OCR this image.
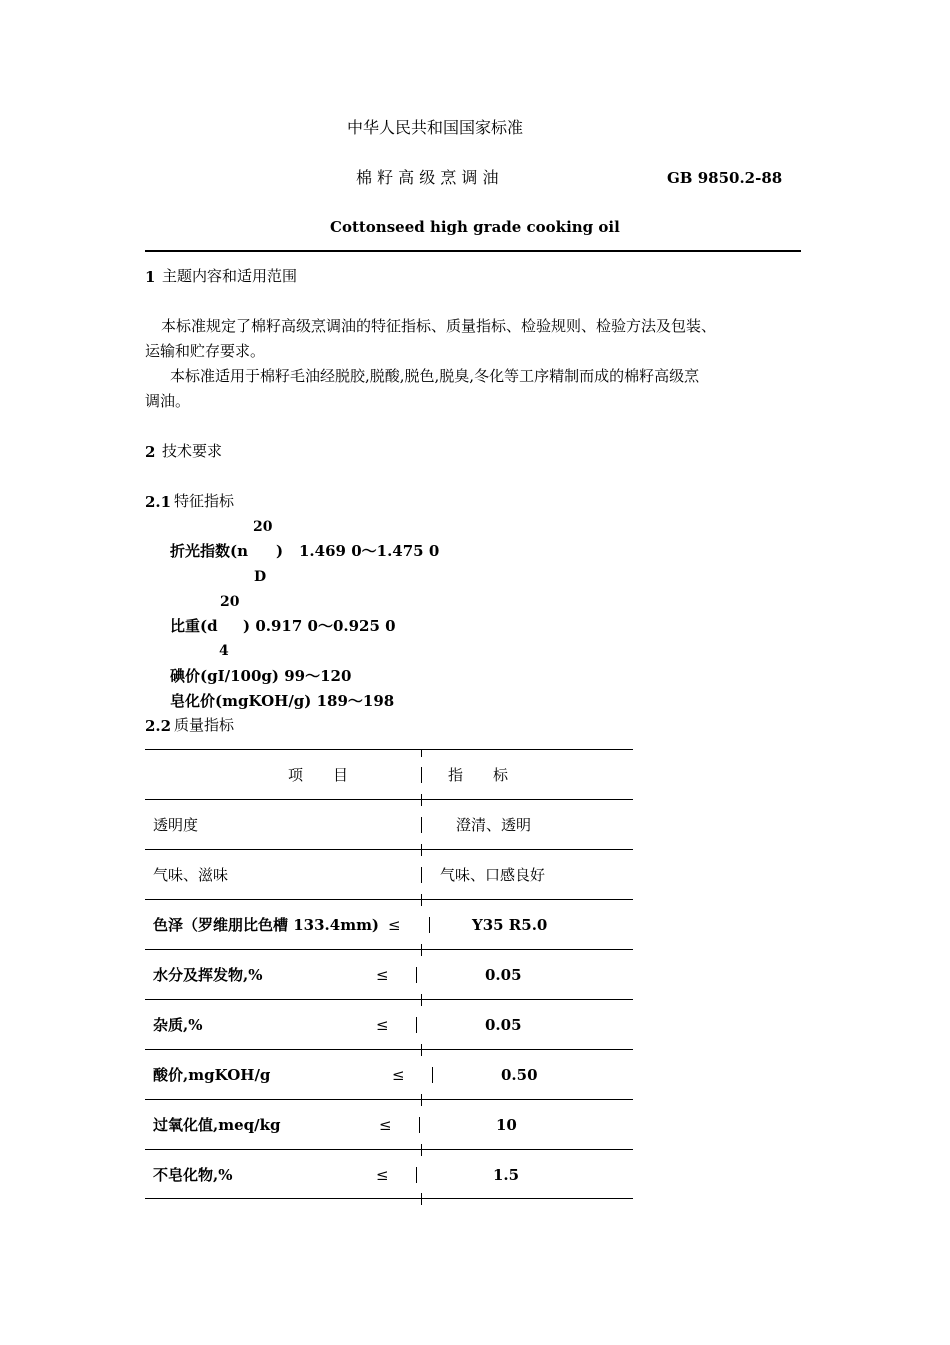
中华人民共和国国家标准
棉 籽 高 级 烹 调 油	GB 9850.2-88
Cottonseed high grade cooking oil
1 主题内容和适用范围
本标准规定了棉籽高级烹调油的特征指标、质量指标、检验规则、检验方法及包装、
运输和贮存要求。
本标准适用于棉籽毛油经脱胶,脱酸,脱色,脱臭,冬化等工序精制而成的棉籽高级烹
调油。
2 技术要求
2.1 特征指标
20
折光指数(n ) 1.469 0～1.475 0
D
20
比重(d ) 0.917 0～0.925 0
4
碘价(gI/100g) 99～120
皂化价(mgKOH/g) 189～198
2.2 质量指标
项　　目	指　　标
透明度	澄清、透明
气味、滋味	气味、口感良好
色泽（罗维朋比色槽 133.4mm) ≤	Y35 R5.0
水分及挥发物,%	≤	0.05
杂质,%	≤	0.05
酸价,mgKOH/g	≤	0.50
过氧化值,meq/kg	≤	10
不皂化物,%	≤	1.5
